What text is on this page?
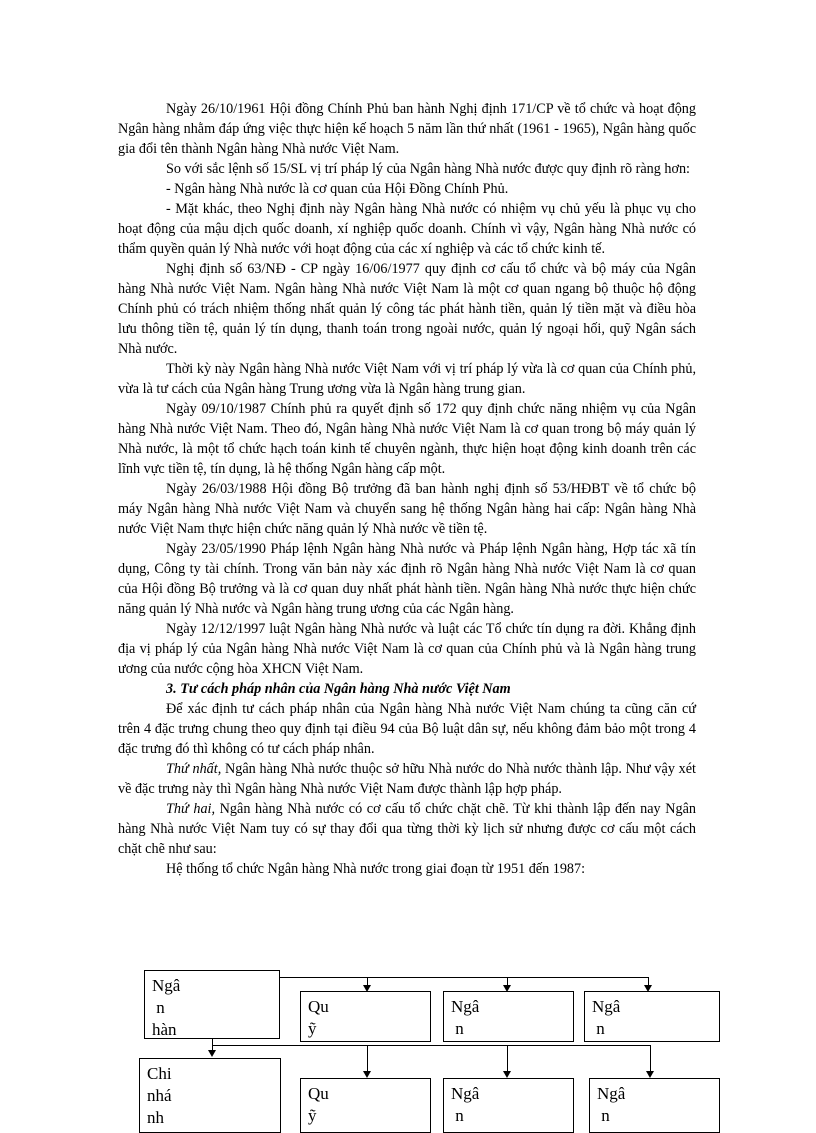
Ngày 26/10/1961 Hội đồng Chính Phủ ban hành Nghị định 171/CP về tổ chức và hoạt động Ngân hàng nhằm đáp ứng việc thực hiện kế hoạch 5 năm lần thứ nhất (1961 - 1965), Ngân hàng quốc gia đổi tên thành Ngân hàng Nhà nước Việt Nam.

So với sắc lệnh số 15/SL vị trí pháp lý của Ngân hàng Nhà nước được quy định rõ ràng hơn:

- Ngân hàng Nhà nước là cơ quan của Hội Đồng Chính Phủ.

- Mặt khác, theo Nghị định này Ngân hàng Nhà nước có nhiệm vụ chủ yếu là phục vụ cho hoạt động của mậu dịch quốc doanh, xí nghiệp quốc doanh. Chính vì vậy, Ngân hàng Nhà nước có thẩm quyền quản lý Nhà nước với hoạt động của các xí nghiệp và các tổ chức kinh tế.

Nghị định số 63/NĐ - CP ngày 16/06/1977 quy định cơ cấu tổ chức và bộ máy của Ngân hàng Nhà nước Việt Nam. Ngân hàng Nhà nước Việt Nam là một cơ quan ngang bộ thuộc hộ động Chính phủ có trách nhiệm thống nhất quản lý công tác phát hành tiền, quản lý tiền mặt và điều hòa lưu thông tiền tệ, quản lý tín dụng, thanh toán trong ngoài nước, quản lý ngoại hối, quỹ Ngân sách Nhà nước.

Thời kỳ này Ngân hàng Nhà nước Việt Nam với vị trí pháp lý vừa là cơ quan của Chính phủ, vừa là tư cách của Ngân hàng Trung ương vừa là Ngân hàng trung gian.

Ngày 09/10/1987 Chính phủ ra quyết định số 172 quy định chức năng nhiệm vụ của Ngân hàng Nhà nước Việt Nam. Theo đó, Ngân hàng Nhà nước Việt Nam là cơ quan trong bộ máy quản lý Nhà nước, là một tổ chức hạch toán kinh tế chuyên ngành, thực hiện hoạt động kinh doanh trên các lĩnh vực tiền tệ, tín dụng, là hệ thống Ngân hàng cấp một.

Ngày 26/03/1988 Hội đồng Bộ trưởng đã ban hành nghị định số 53/HĐBT về tổ chức bộ máy Ngân hàng Nhà nước Việt Nam và chuyển sang hệ thống Ngân hàng hai cấp: Ngân hàng Nhà nước Việt Nam thực hiện chức năng quản lý Nhà nước về tiền tệ.

Ngày 23/05/1990 Pháp lệnh Ngân hàng Nhà nước và Pháp lệnh Ngân hàng, Hợp tác xã tín dụng, Công ty tài chính. Trong văn bản này xác định rõ Ngân hàng Nhà nước Việt Nam là cơ quan của Hội đồng Bộ trưởng và là cơ quan duy nhất phát hành tiền. Ngân hàng Nhà nước thực hiện chức năng quản lý Nhà nước và Ngân hàng trung ương của các Ngân hàng.

Ngày 12/12/1997 luật Ngân hàng Nhà nước và luật các Tổ chức tín dụng ra đời. Khẳng định địa vị pháp lý của Ngân hàng Nhà nước Việt Nam là cơ quan của Chính phủ và là Ngân hàng trung ương của nước cộng hòa XHCN Việt Nam.

3. Tư cách pháp nhân của Ngân hàng Nhà nước Việt Nam

Để xác định tư cách pháp nhân của Ngân hàng Nhà nước Việt Nam chúng ta cũng căn cứ trên 4 đặc trưng chung theo quy định tại điều 94 của Bộ luật dân sự, nếu không đảm bảo một trong 4 đặc trưng đó thì không có tư cách pháp nhân.

Thứ nhất, Ngân hàng Nhà nước thuộc sở hữu Nhà nước do Nhà nước thành lập. Như vậy xét về đặc trưng này thì Ngân hàng Nhà nước Việt Nam được thành lập hợp pháp.

Thứ hai, Ngân hàng Nhà nước có cơ cấu tổ chức chặt chẽ. Từ khi thành lập đến nay Ngân hàng Nhà nước Việt Nam tuy có sự thay đổi qua từng thời kỳ lịch sử nhưng được cơ cấu một cách chặt chẽ như sau:

Hệ thống tổ chức Ngân hàng Nhà nước trong giai đoạn từ 1951 đến 1987:

Ngâ
n
hàn
Qu
ỹ
Ngâ
n
Ngâ
n
Chi
nhá
nh
Qu
ỹ
Ngâ
n
Ngâ
n
